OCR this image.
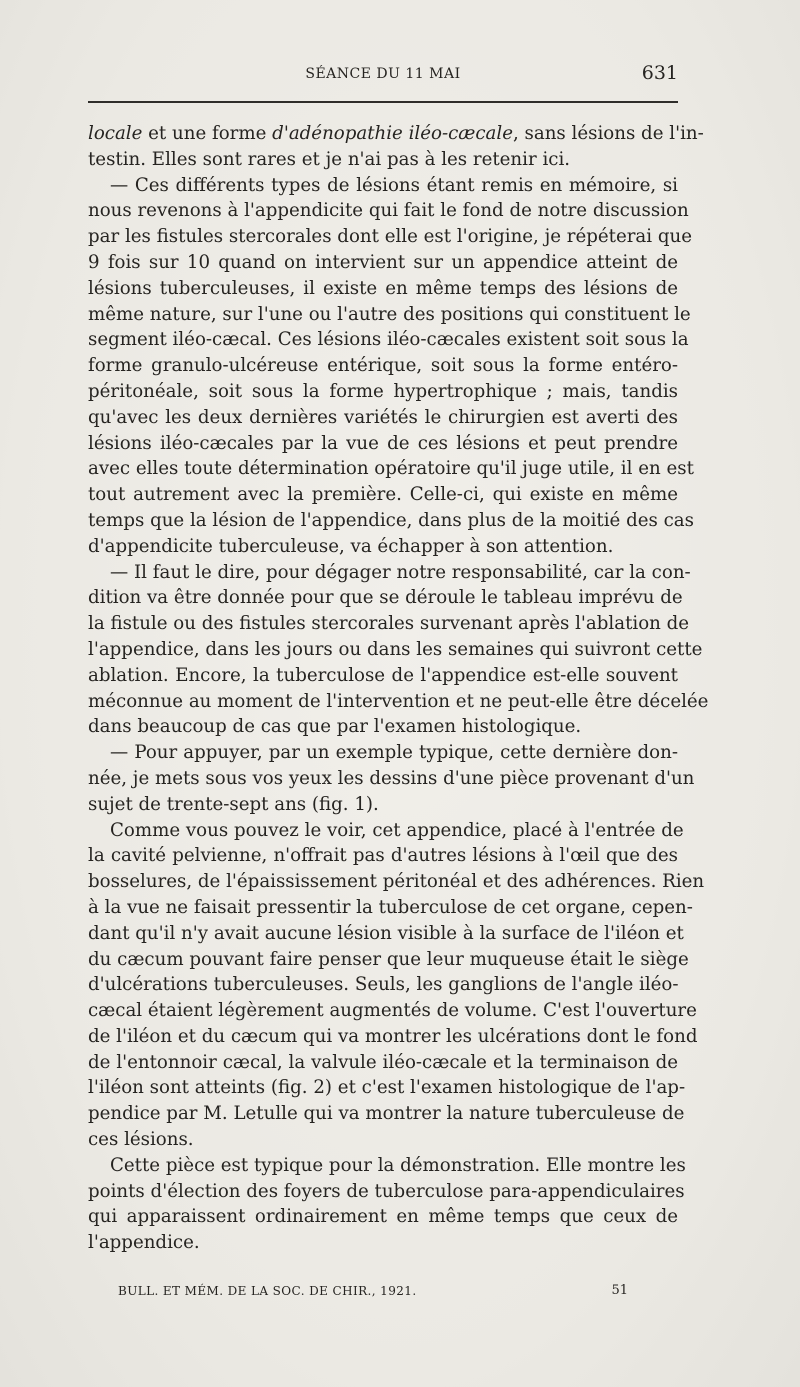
SÉANCE DU 11 MAI	631
locale et une forme d'adénopathie iléo-cæcale, sans lésions de l'in-
testin. Elles sont rares et je n'ai pas à les retenir ici.
— Ces différents types de lésions étant remis en mémoire, si
nous revenons à l'appendicite qui fait le fond de notre discussion
par les fistules stercorales dont elle est l'origine, je répéterai que
9 fois sur 10 quand on intervient sur un appendice atteint de
lésions tuberculeuses, il existe en même temps des lésions de
même nature, sur l'une ou l'autre des positions qui constituent le
segment iléo-cæcal. Ces lésions iléo-cæcales existent soit sous la
forme granulo-ulcéreuse entérique, soit sous la forme entéro-
péritonéale, soit sous la forme hypertrophique ; mais, tandis
qu'avec les deux dernières variétés le chirurgien est averti des
lésions iléo-cæcales par la vue de ces lésions et peut prendre
avec elles toute détermination opératoire qu'il juge utile, il en est
tout autrement avec la première. Celle-ci, qui existe en même
temps que la lésion de l'appendice, dans plus de la moitié des cas
d'appendicite tuberculeuse, va échapper à son attention.
— Il faut le dire, pour dégager notre responsabilité, car la con-
dition va être donnée pour que se déroule le tableau imprévu de
la fistule ou des fistules stercorales survenant après l'ablation de
l'appendice, dans les jours ou dans les semaines qui suivront cette
ablation. Encore, la tuberculose de l'appendice est-elle souvent
méconnue au moment de l'intervention et ne peut-elle être décelée
dans beaucoup de cas que par l'examen histologique.
— Pour appuyer, par un exemple typique, cette dernière don-
née, je mets sous vos yeux les dessins d'une pièce provenant d'un
sujet de trente-sept ans (fig. 1).
Comme vous pouvez le voir, cet appendice, placé à l'entrée de
la cavité pelvienne, n'offrait pas d'autres lésions à l'œil que des
bosselures, de l'épaississement péritonéal et des adhérences. Rien
à la vue ne faisait pressentir la tuberculose de cet organe, cepen-
dant qu'il n'y avait aucune lésion visible à la surface de l'iléon et
du cæcum pouvant faire penser que leur muqueuse était le siège
d'ulcérations tuberculeuses. Seuls, les ganglions de l'angle iléo-
cæcal étaient légèrement augmentés de volume. C'est l'ouverture
de l'iléon et du cæcum qui va montrer les ulcérations dont le fond
de l'entonnoir cæcal, la valvule iléo-cæcale et la terminaison de
l'iléon sont atteints (fig. 2) et c'est l'examen histologique de l'ap-
pendice par M. Letulle qui va montrer la nature tuberculeuse de
ces lésions.
Cette pièce est typique pour la démonstration. Elle montre les
points d'élection des foyers de tuberculose para-appendiculaires
qui apparaissent ordinairement en même temps que ceux de
l'appendice.
BULL. ET MÉM. DE LA SOC. DE CHIR., 1921.	51
